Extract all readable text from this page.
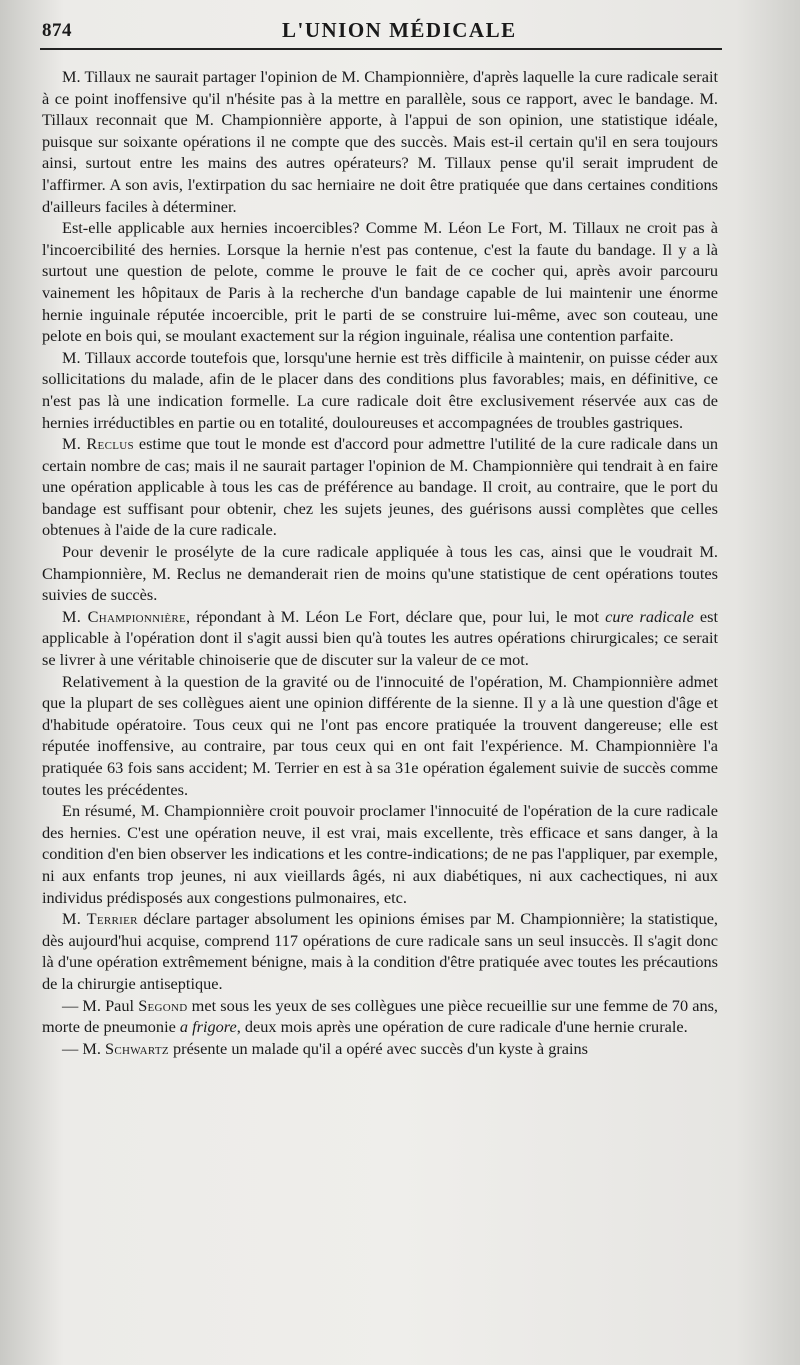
874	L'UNION MÉDICALE

M. Tillaux ne saurait partager l'opinion de M. Championnière, d'après laquelle la cure radicale serait à ce point inoffensive qu'il n'hésite pas à la mettre en parallèle, sous ce rapport, avec le bandage. M. Tillaux reconnait que M. Championnière apporte, à l'appui de son opinion, une statistique idéale, puisque sur soixante opérations il ne compte que des succès. Mais est-il certain qu'il en sera toujours ainsi, surtout entre les mains des autres opérateurs? M. Tillaux pense qu'il serait imprudent de l'affirmer. A son avis, l'extirpation du sac herniaire ne doit être pratiquée que dans certaines conditions d'ailleurs faciles à déterminer.

Est-elle applicable aux hernies incoercibles? Comme M. Léon Le Fort, M. Tillaux ne croit pas à l'incoercibilité des hernies. Lorsque la hernie n'est pas contenue, c'est la faute du bandage. Il y a là surtout une question de pelote, comme le prouve le fait de ce cocher qui, après avoir parcouru vainement les hôpitaux de Paris à la recherche d'un bandage capable de lui maintenir une énorme hernie inguinale réputée incoercible, prit le parti de se construire lui-même, avec son couteau, une pelote en bois qui, se moulant exactement sur la région inguinale, réalisa une contention parfaite.

M. Tillaux accorde toutefois que, lorsqu'une hernie est très difficile à maintenir, on puisse céder aux sollicitations du malade, afin de le placer dans des conditions plus favorables; mais, en définitive, ce n'est pas là une indication formelle. La cure radicale doit être exclusivement réservée aux cas de hernies irréductibles en partie ou en totalité, douloureuses et accompagnées de troubles gastriques.

M. Reclus estime que tout le monde est d'accord pour admettre l'utilité de la cure radicale dans un certain nombre de cas; mais il ne saurait partager l'opinion de M. Championnière qui tendrait à en faire une opération applicable à tous les cas de préférence au bandage. Il croit, au contraire, que le port du bandage est suffisant pour obtenir, chez les sujets jeunes, des guérisons aussi complètes que celles obtenues à l'aide de la cure radicale.

Pour devenir le prosélyte de la cure radicale appliquée à tous les cas, ainsi que le voudrait M. Championnière, M. Reclus ne demanderait rien de moins qu'une statistique de cent opérations toutes suivies de succès.

M. Championnière, répondant à M. Léon Le Fort, déclare que, pour lui, le mot cure radicale est applicable à l'opération dont il s'agit aussi bien qu'à toutes les autres opérations chirurgicales; ce serait se livrer à une véritable chinoiserie que de discuter sur la valeur de ce mot.

Relativement à la question de la gravité ou de l'innocuité de l'opération, M. Championnière admet que la plupart de ses collègues aient une opinion différente de la sienne. Il y a là une question d'âge et d'habitude opératoire. Tous ceux qui ne l'ont pas encore pratiquée la trouvent dangereuse; elle est réputée inoffensive, au contraire, par tous ceux qui en ont fait l'expérience. M. Championnière l'a pratiquée 63 fois sans accident; M. Terrier en est à sa 31e opération également suivie de succès comme toutes les précédentes.

En résumé, M. Championnière croit pouvoir proclamer l'innocuité de l'opération de la cure radicale des hernies. C'est une opération neuve, il est vrai, mais excellente, très efficace et sans danger, à la condition d'en bien observer les indications et les contre-indications; de ne pas l'appliquer, par exemple, ni aux enfants trop jeunes, ni aux vieillards âgés, ni aux diabétiques, ni aux cachectiques, ni aux individus prédisposés aux congestions pulmonaires, etc.

M. Terrier déclare partager absolument les opinions émises par M. Championnière; la statistique, dès aujourd'hui acquise, comprend 117 opérations de cure radicale sans un seul insuccès. Il s'agit donc là d'une opération extrêmement bénigne, mais à la condition d'être pratiquée avec toutes les précautions de la chirurgie antiseptique.

— M. Paul Segond met sous les yeux de ses collègues une pièce recueillie sur une femme de 70 ans, morte de pneumonie a frigore, deux mois après une opération de cure radicale d'une hernie crurale.

— M. Schwartz présente un malade qu'il a opéré avec succès d'un kyste à grains
